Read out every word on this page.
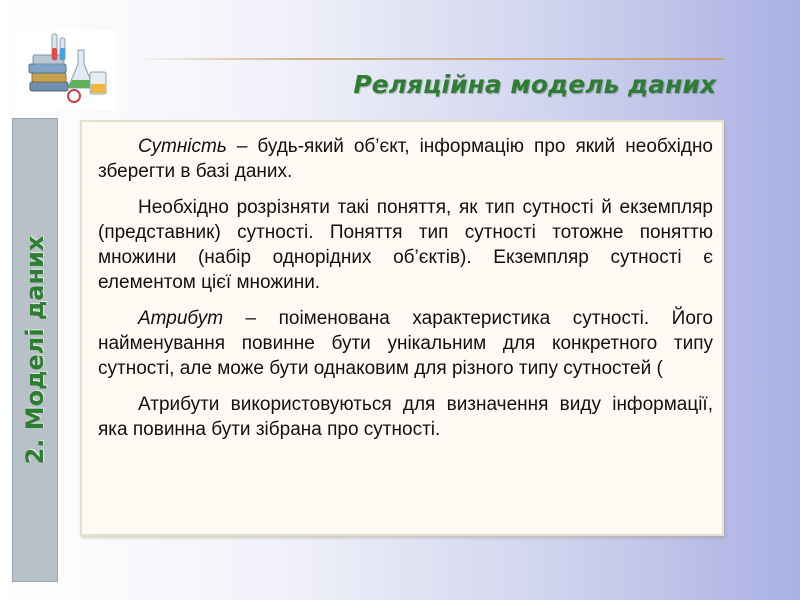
2. Моделі даних
Реляційна модель даних

Сутність – будь-який об’єкт, інформацію про який необхідно зберегти в базі даних.

Необхідно розрізняти такі поняття, як тип сутності й екземпляр (представник) сутності. Поняття тип сутності тотожне поняттю множини (набір однорідних об’єктів). Екземпляр сутності є елементом цієї множини.

Атрибут – поіменована характеристика сутності. Його найменування повинне бути унікальним для конкретного типу сутності, але може бути однаковим для різного типу сутностей (

Атрибути використовуються для визначення виду інформації, яка повинна бути зібрана про сутності.
